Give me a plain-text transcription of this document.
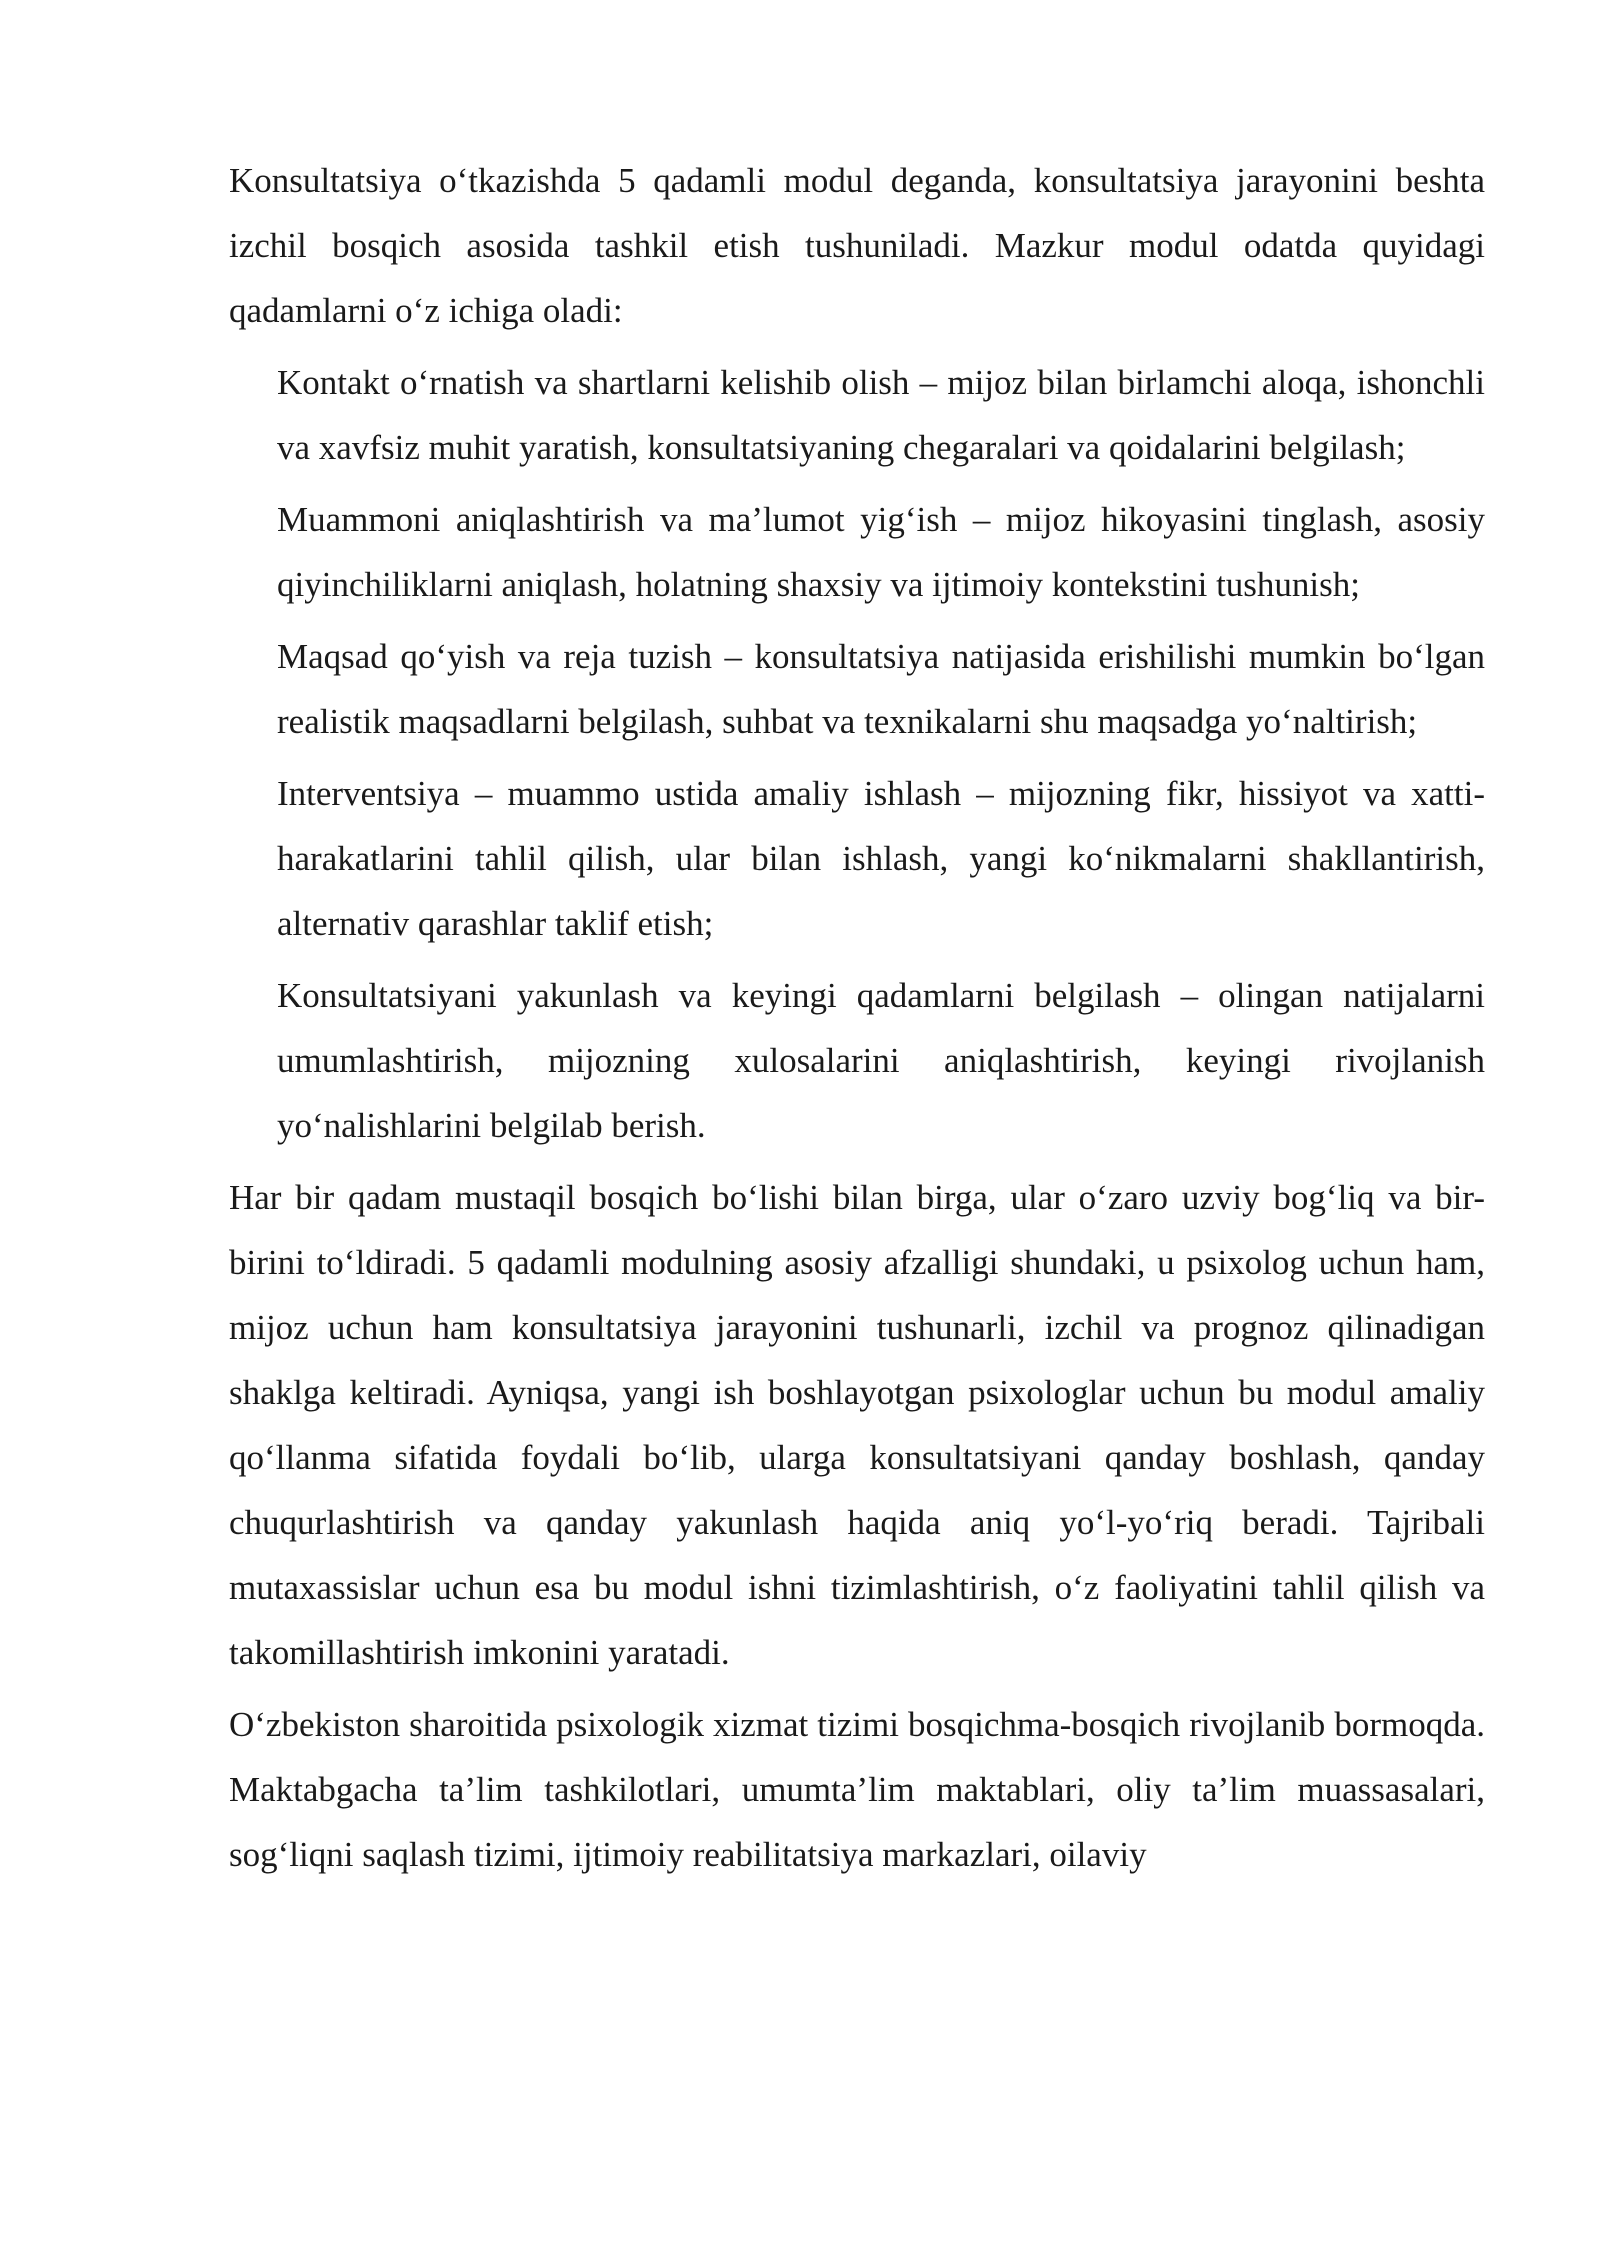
Konsultatsiya o‘tkazishda 5 qadamli modul deganda, konsultatsiya jarayonini beshta izchil bosqich asosida tashkil etish tushuniladi. Mazkur modul odatda quyidagi qadamlarni o‘z ichiga oladi:

Kontakt o‘rnatish va shartlarni kelishib olish – mijoz bilan birlamchi aloqa, ishonchli va xavfsiz muhit yaratish, konsultatsiyaning chegaralari va qoidalarini belgilash;
Muammoni aniqlashtirish va ma’lumot yig‘ish – mijoz hikoyasini tinglash, asosiy qiyinchiliklarni aniqlash, holatning shaxsiy va ijtimoiy kontekstini tushunish;
Maqsad qo‘yish va reja tuzish – konsultatsiya natijasida erishilishi mumkin bo‘lgan realistik maqsadlarni belgilash, suhbat va texnikalarni shu maqsadga yo‘naltirish;
Interventsiya – muammo ustida amaliy ishlash – mijozning fikr, hissiyot va xatti-harakatlarini tahlil qilish, ular bilan ishlash, yangi ko‘nikmalarni shakllantirish, alternativ qarashlar taklif etish;
Konsultatsiyani yakunlash va keyingi qadamlarni belgilash – olingan natijalarni umumlashtirish, mijozning xulosalarini aniqlashtirish, keyingi rivojlanish yo‘nalishlarini belgilab berish.

Har bir qadam mustaqil bosqich bo‘lishi bilan birga, ular o‘zaro uzviy bog‘liq va bir-birini to‘ldiradi. 5 qadamli modulning asosiy afzalligi shundaki, u psixolog uchun ham, mijoz uchun ham konsultatsiya jarayonini tushunarli, izchil va prognoz qilinadigan shaklga keltiradi. Ayniqsa, yangi ish boshlayotgan psixologlar uchun bu modul amaliy qo‘llanma sifatida foydali bo‘lib, ularga konsultatsiyani qanday boshlash, qanday chuqurlashtirish va qanday yakunlash haqida aniq yo‘l-yo‘riq beradi. Tajribali mutaxassislar uchun esa bu modul ishni tizimlashtirish, o‘z faoliyatini tahlil qilish va takomillashtirish imkonini yaratadi.

O‘zbekiston sharoitida psixologik xizmat tizimi bosqichma-bosqich rivojlanib bormoqda. Maktabgacha ta’lim tashkilotlari, umumta’lim maktablari, oliy ta’lim muassasalari, sog‘liqni saqlash tizimi, ijtimoiy reabilitatsiya markazlari, oilaviy
